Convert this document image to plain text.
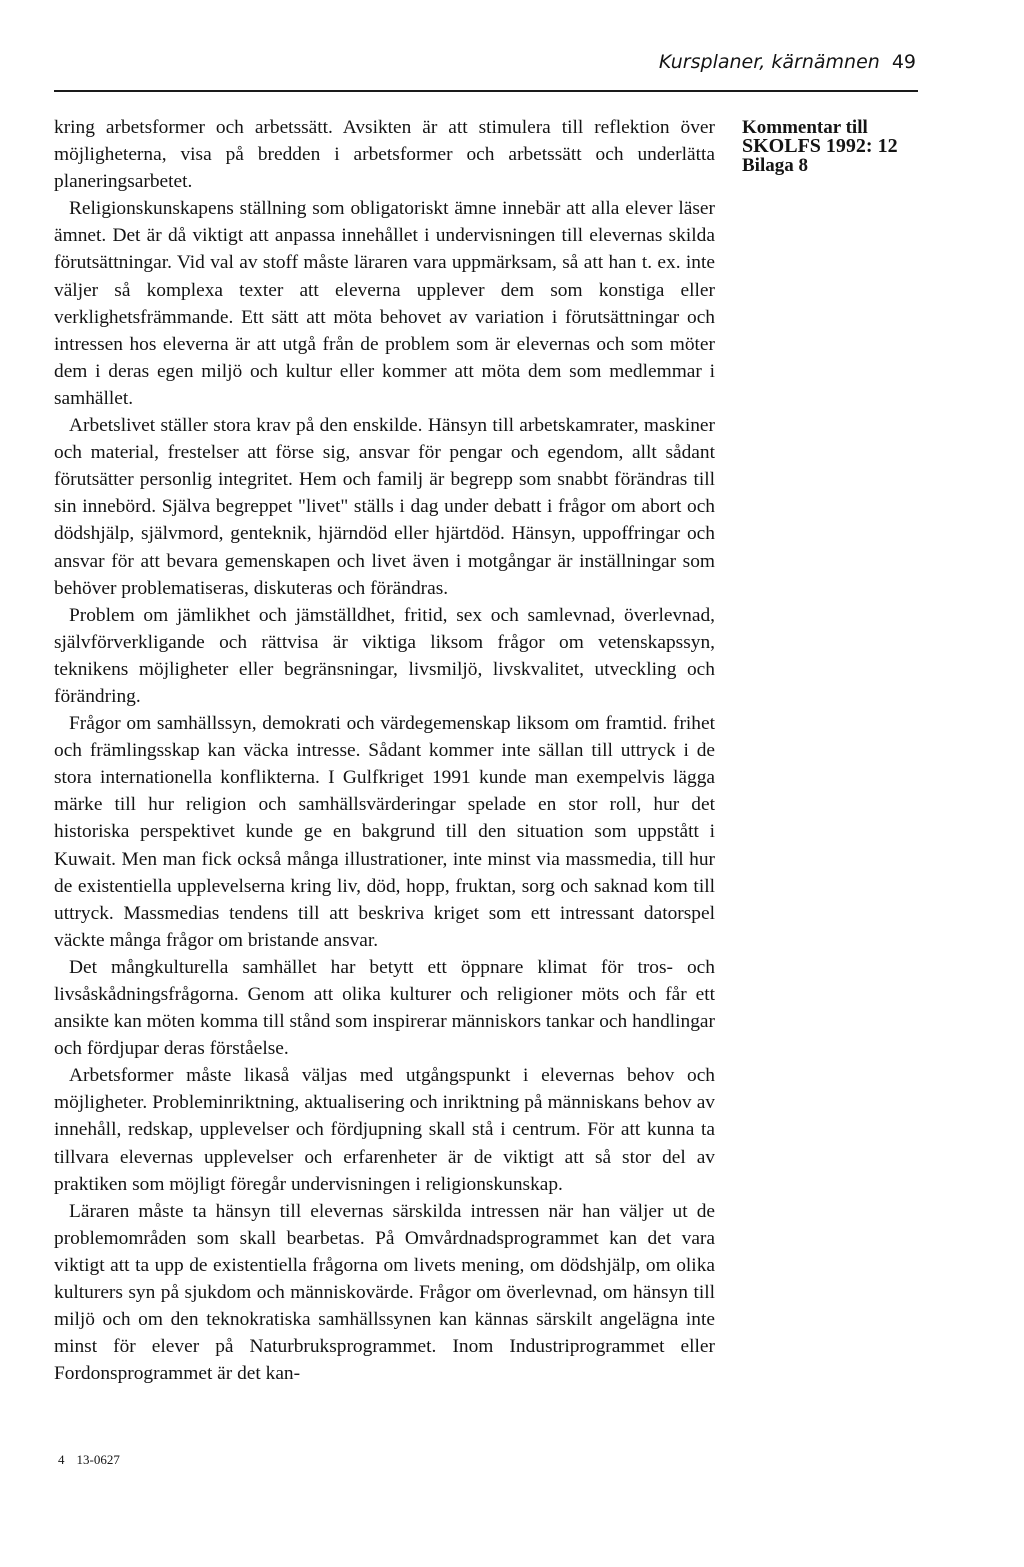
Kursplaner, kärnämnen 49
Kommentar till
SKOLFS 1992: 12
Bilaga 8

kring arbetsformer och arbetssätt. Avsikten är att stimulera till reflektion över möjligheterna, visa på bredden i arbetsformer och arbetssätt och underlätta planeringsarbetet.

Religionskunskapens ställning som obligatoriskt ämne innebär att alla elever läser ämnet. Det är då viktigt att anpassa innehållet i undervisningen till elevernas skilda förutsättningar. Vid val av stoff måste läraren vara uppmärksam, så att han t. ex. inte väljer så komplexa texter att eleverna upplever dem som konstiga eller verklighetsfrämmande. Ett sätt att möta behovet av variation i förutsättningar och intressen hos eleverna är att utgå från de problem som är elevernas och som möter dem i deras egen miljö och kultur eller kommer att möta dem som medlemmar i samhället.

Arbetslivet ställer stora krav på den enskilde. Hänsyn till arbetskamrater, maskiner och material, frestelser att förse sig, ansvar för pengar och egendom, allt sådant förutsätter personlig integritet. Hem och familj är begrepp som snabbt förändras till sin innebörd. Själva begreppet "livet" ställs i dag under debatt i frågor om abort och dödshjälp, självmord, genteknik, hjärndöd eller hjärtdöd. Hänsyn, uppoffringar och ansvar för att bevara gemenskapen och livet även i motgångar är inställningar som behöver problematiseras, diskuteras och förändras.

Problem om jämlikhet och jämställdhet, fritid, sex och samlevnad, överlevnad, självförverkligande och rättvisa är viktiga liksom frågor om vetenskapssyn, teknikens möjligheter eller begränsningar, livsmiljö, livskvalitet, utveckling och förändring.

Frågor om samhällssyn, demokrati och värdegemenskap liksom om framtid. frihet och främlingsskap kan väcka intresse. Sådant kommer inte sällan till uttryck i de stora internationella konflikterna. I Gulfkriget 1991 kunde man exempelvis lägga märke till hur religion och samhällsvärderingar spelade en stor roll, hur det historiska perspektivet kunde ge en bakgrund till den situation som uppstått i Kuwait. Men man fick också många illustrationer, inte minst via massmedia, till hur de existentiella upplevelserna kring liv, död, hopp, fruktan, sorg och saknad kom till uttryck. Massmedias tendens till att beskriva kriget som ett intressant datorspel väckte många frågor om bristande ansvar.

Det mångkulturella samhället har betytt ett öppnare klimat för tros- och livsåskådningsfrågorna. Genom att olika kulturer och religioner möts och får ett ansikte kan möten komma till stånd som inspirerar människors tankar och handlingar och fördjupar deras förståelse.

Arbetsformer måste likaså väljas med utgångspunkt i elevernas behov och möjligheter. Probleminriktning, aktualisering och inriktning på människans behov av innehåll, redskap, upplevelser och fördjupning skall stå i centrum. För att kunna ta tillvara elevernas upplevelser och erfarenheter är de viktigt att så stor del av praktiken som möjligt föregår undervisningen i religionskunskap.

Läraren måste ta hänsyn till elevernas särskilda intressen när han väljer ut de problemområden som skall bearbetas. På Omvårdnadsprogrammet kan det vara viktigt att ta upp de existentiella frågorna om livets mening, om dödshjälp, om olika kulturers syn på sjukdom och människovärde. Frågor om överlevnad, om hänsyn till miljö och om den teknokratiska samhällssynen kan kännas särskilt angelägna inte minst för elever på Naturbruksprogrammet. Inom Industriprogrammet eller Fordonsprogrammet är det kan-

4 13-0627
